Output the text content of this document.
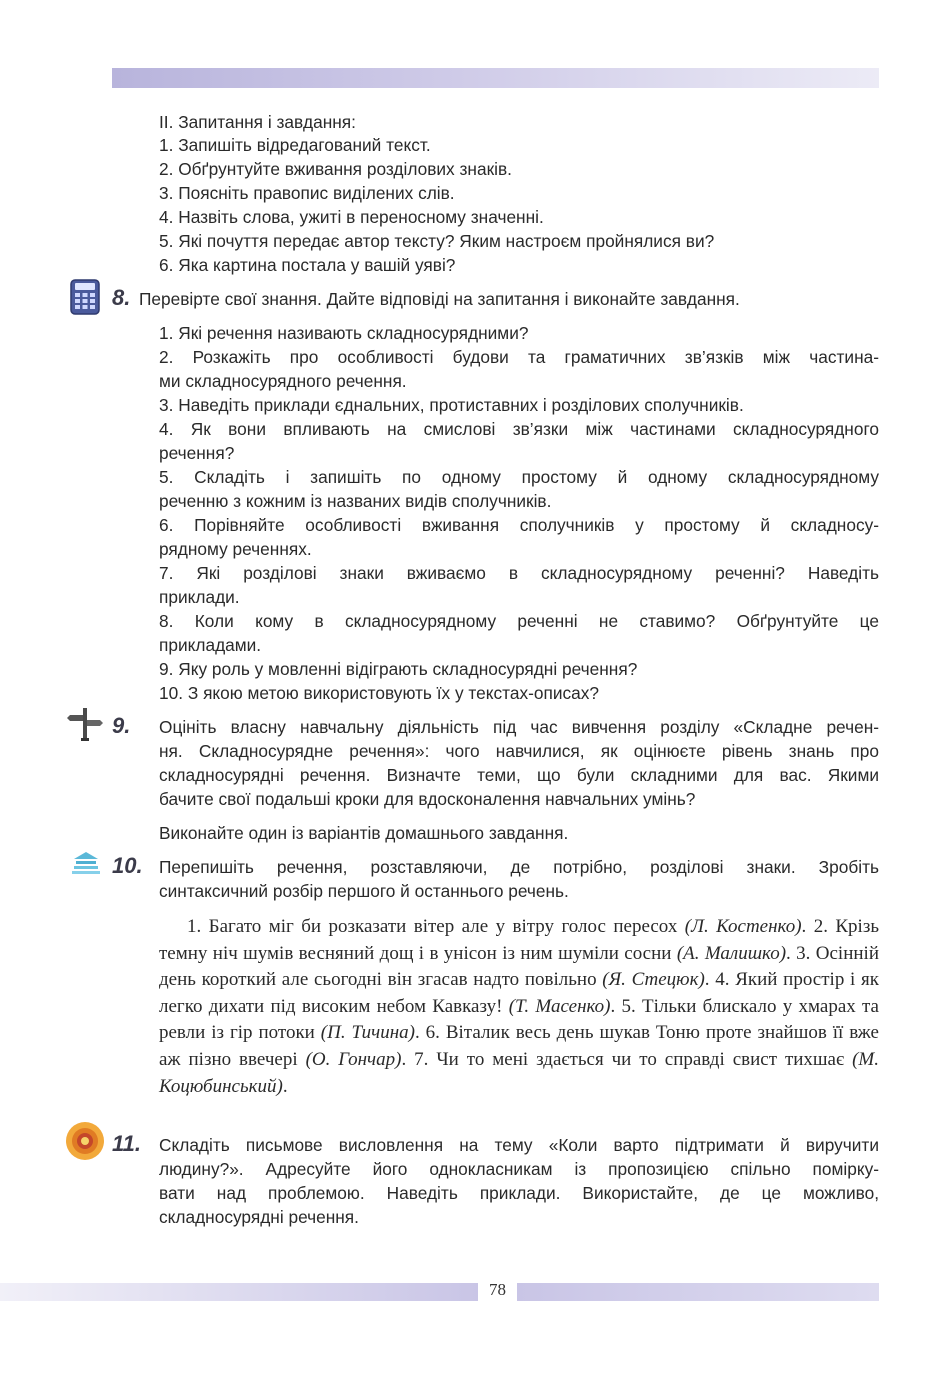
ІІ. Запитання і завдання:
1. Запишіть відредагований текст.
2. Обґрунтуйте вживання розділових знаків.
3. Поясніть правопис виділених слів.
4. Назвіть слова, ужиті в переносному значенні.
5. Які почуття передає автор тексту? Яким настроєм пройнялися ви?
6. Яка картина постала у вашій уяві?
8. Перевірте свої знання. Дайте відповіді на запитання і виконайте завдання.
1. Які речення називають складносурядними?
2. Розкажіть про особливості будови та граматичних зв’язків між частина-
ми складносурядного речення.
3. Наведіть приклади єднальних, протиставних і розділових сполучників.
4. Як вони впливають на смислові зв’язки між частинами складносурядного
речення?
5. Складіть і запишіть по одному простому й одному складносурядному
реченню з кожним із названих видів сполучників.
6. Порівняйте особливості вживання сполучників у простому й складносу-
рядному реченнях.
7. Які розділові знаки вживаємо в складносурядному реченні? Наведіть
приклади.
8. Коли кому в складносурядному реченні не ставимо? Обґрунтуйте це
прикладами.
9. Яку роль у мовленні відіграють складносурядні речення?
10. З якою метою використовують їх у текстах-описах?
9. Оцініть власну навчальну діяльність під час вивчення розділу «Складне речен-
ня. Складносурядне речення»: чого навчилися, як оцінюєте рівень знань про
складносурядні речення. Визначте теми, що були складними для вас. Якими
бачите свої подальші кроки для вдосконалення навчальних умінь?
Виконайте один із варіантів домашнього завдання.
10. Перепишіть речення, розставляючи, де потрібно, розділові знаки. Зробіть
синтаксичний розбір першого й останнього речень.
1. Багато міг би розказати вітер але у вітру голос пересох (Л. Костенко). 2. Крізь темну ніч шумів весняний дощ і в унісон із ним шуміли сосни (А. Малишко). 3. Осінній день короткий але сьогодні він згасав надто повільно (Я. Стецюк). 4. Який простір і як легко дихати під високим небом Кавказу! (Т. Масенко). 5. Тільки блискало у хмарах та ревли із гір потоки (П. Тичина). 6. Віталик весь день шукав Тоню проте знайшов її вже аж пізно ввечері (О. Гончар). 7. Чи то мені здається чи то справді свист тихшає (М. Коцюбинський).
11. Складіть письмове висловлення на тему «Коли варто підтримати й виручити
людину?». Адресуйте його однокласникам із пропозицією спільно помірку-
вати над проблемою. Наведіть приклади. Використайте, де це можливо,
складносурядні речення.
78
